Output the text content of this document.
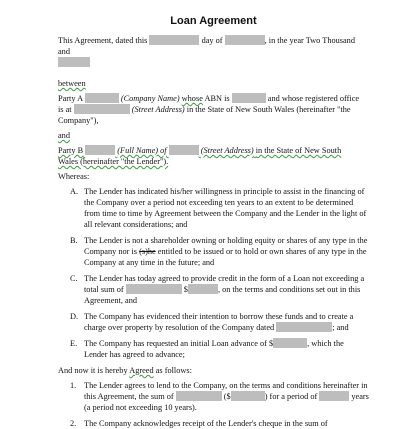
Loan Agreement
This Agreement, dated this	day of	, in the year Two Thousand and

between
Party A	(Company Name) whose ABN is	and whose registered office
is at	(Street Address) in the State of New South Wales (hereinafter "the
Company"),
and
Party B	(Full Name) of	(Street Address) in the State of New South
Wales (hereinafter "the Lender").
Whereas:
A. The Lender has indicated his/her willingness in principle to assist in the financing of the Company over a period not exceeding ten years to an extent to be determined from time to time by Agreement between the Company and the Lender in the light of all relevant considerations; and
B. The Lender is not a shareholder owning or holding equity or shares of any type in the Company nor is (s)he entitled to be issued or to hold or own shares of any type in the Company at any time in the future; and
C. The Lender has today agreed to provide credit in the form of a Loan not exceeding a total sum of	$	, on the terms and conditions set out in this Agreement, and
D. The Company has evidenced their intention to borrow these funds and to create a charge over property by resolution of the Company dated	; and
E. The Company has requested an initial Loan advance of $	, which the Lender has agreed to advance;
And now it is hereby Agreed as follows:
1. The Lender agrees to lend to the Company, on the terms and conditions hereinafter in this Agreement, the sum of	($	) for a period of	years (a period not exceeding 10 years).
2. The Company acknowledges receipt of the Lender's cheque in the sum of
